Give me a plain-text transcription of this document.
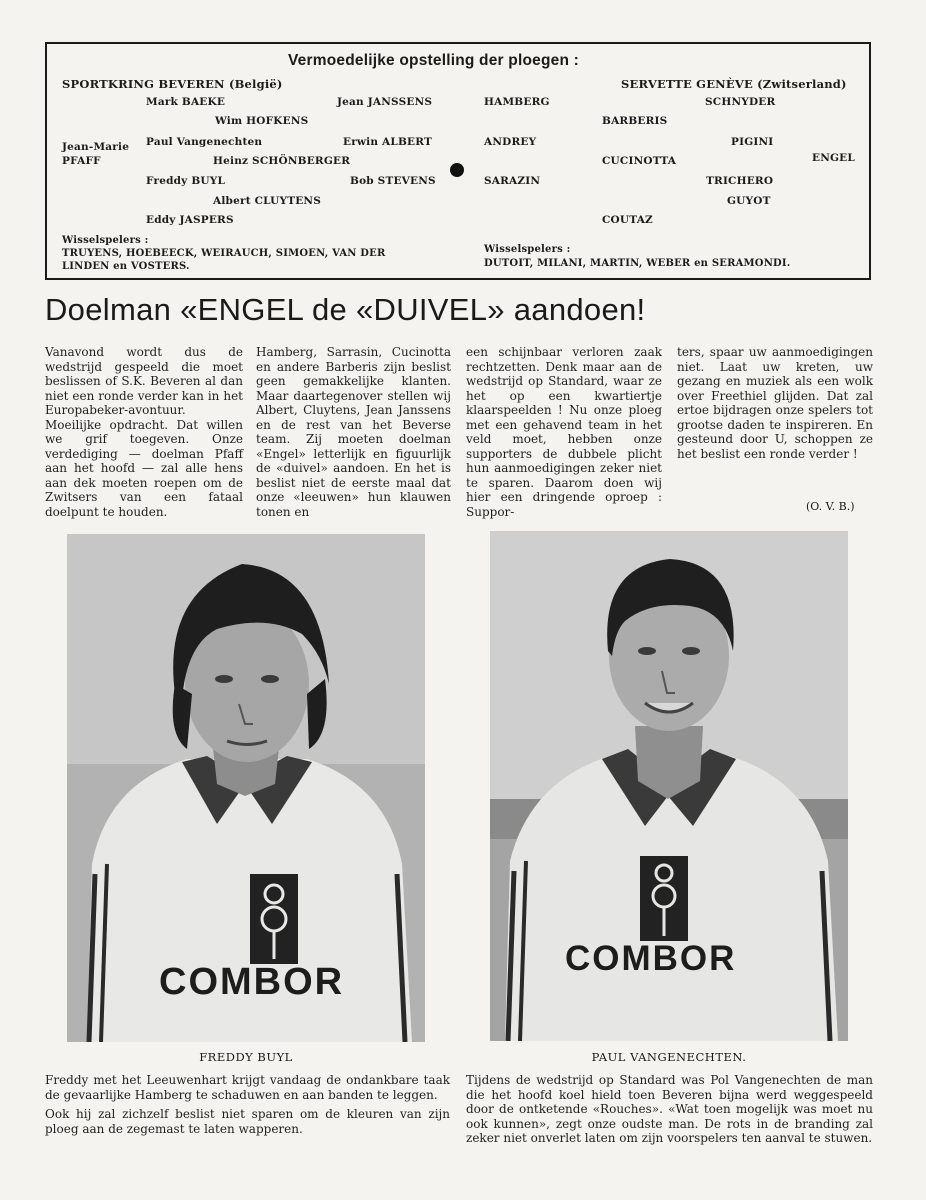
Vermoedelijke opstelling der ploegen :
SPORTKRING BEVEREN (België)	SERVETTE GENÈVE (Zwitserland)
Mark BAEKE	Jean JANSSENS
Wim HOFKENS
Jean-Marie
PFAFF
Paul Vangenechten	Erwin ALBERT
Heinz SCHÖNBERGER
Freddy BUYL	Bob STEVENS
Albert CLUYTENS
Eddy JASPERS
HAMBERG	SCHNYDER
BARBERIS
ANDREY	PIGINI
CUCINOTTA	ENGEL
SARAZIN	TRICHERO
GUYOT
COUTAZ
Wisselspelers :
TRUYENS, HOEBEECK, WEIRAUCH, SIMOEN, VAN DER
LINDEN en VOSTERS.
Wisselspelers :
DUTOIT, MILANI, MARTIN, WEBER en SERAMONDI.
Doelman «ENGEL de «DUIVEL» aandoen!

Vanavond wordt dus de wedstrijd gespeeld die moet beslissen of S.K. Beveren al dan niet een ronde verder kan in het Europabeker-avontuur. Moeilijke opdracht. Dat willen we grif toegeven. Onze verdediging — doelman Pfaff aan het hoofd — zal alle hens aan dek moeten roepen om de Zwitsers van een fataal doelpunt te houden.

Hamberg, Sarrasin, Cucinotta en andere Barberis zijn beslist geen gemakkelijke klanten. Maar daartegenover stellen wij Albert, Cluytens, Jean Janssens en de rest van het Beverse team. Zij moeten doelman «Engel» letterlijk en figuurlijk de «duivel» aandoen. En het is beslist niet de eerste maal dat onze «leeuwen» hun klauwen tonen en

een schijnbaar verloren zaak rechtzetten. Denk maar aan de wedstrijd op Standard, waar ze het op een kwartiertje klaarspeelden ! Nu onze ploeg met een gehavend team in het veld moet, hebben onze supporters de dubbele plicht hun aanmoedigingen zeker niet te sparen. Daarom doen wij hier een dringende oproep : Suppor-

ters, spaar uw aanmoedigingen niet. Laat uw kreten, uw gezang en muziek als een wolk over Freethiel glijden. Dat zal ertoe bijdragen onze spelers tot grootse daden te inspireren. En gesteund door U, schoppen ze het beslist een ronde verder !

(O. V. B.)
COMBOR
FREDDY BUYL

Freddy met het Leeuwenhart krijgt vandaag de ondankbare taak de gevaarlijke Hamberg te schaduwen en aan banden te leggen.

Ook hij zal zichzelf beslist niet sparen om de kleuren van zijn ploeg aan de zegemast te laten wapperen.

COMBOR
PAUL VANGENECHTEN.

Tijdens de wedstrijd op Standard was Pol Vangenechten de man die het hoofd koel hield toen Beveren bijna werd weggespeeld door de ontketende «Rouches». «Wat toen mogelijk was moet nu ook kunnen», zegt onze oudste man. De rots in de branding zal zeker niet onverlet laten om zijn voorspelers ten aanval te stuwen.
